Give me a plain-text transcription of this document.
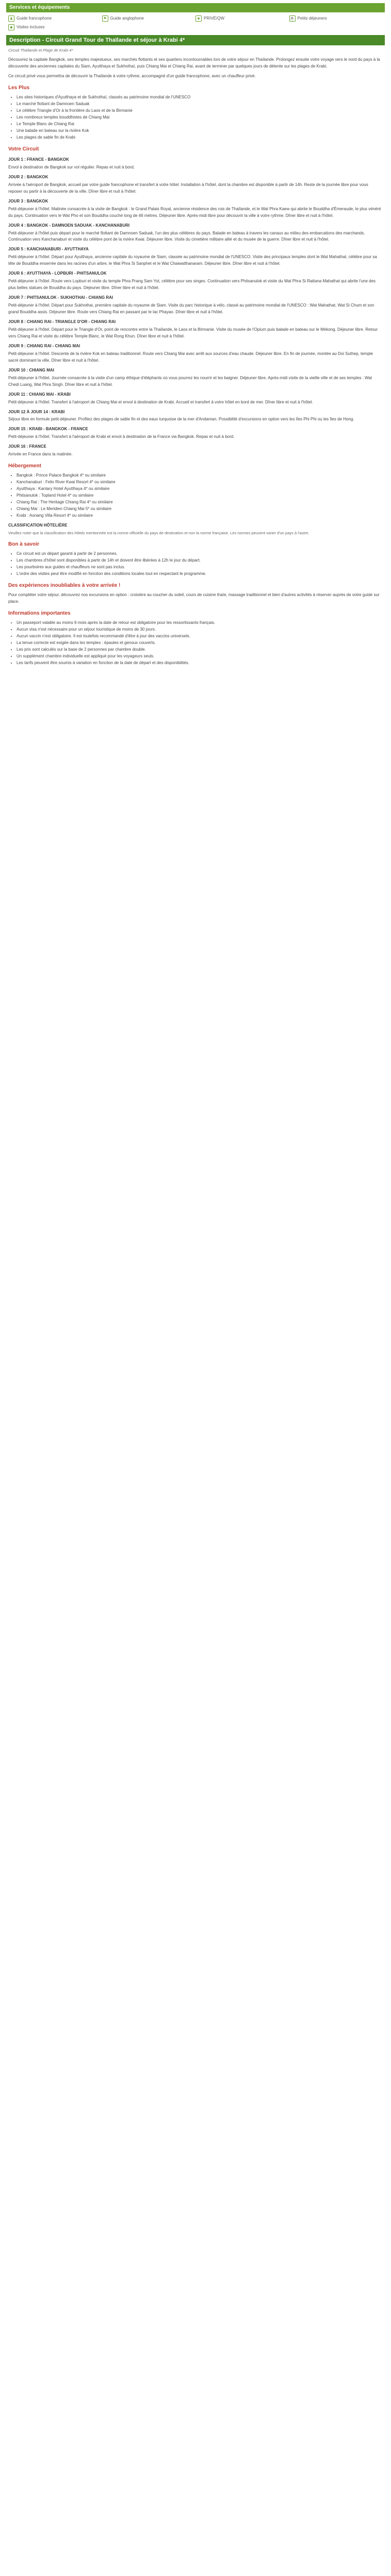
Services et équipements
♟ Guide francophone	⚑ Guide anglophone	■ PRIVÉ/QW	☕ Petits déjeuners
◆ Visites incluses
Description - Circuit Grand Tour de Thaïlande et séjour à Krabi 4*

Circuit Thaïlande et Plage de Krabi 4*

Découvrez la capitale Bangkok, ses temples majestueux, ses marchés flottants et ses quartiers incontournables lors de votre séjour en Thaïlande. Prolongez ensuite votre voyage vers le nord du pays à la découverte des anciennes capitales du Siam, Ayutthaya et Sukhothaï, puis Chiang Mai et Chiang Rai, avant de terminer par quelques jours de détente sur les plages de Krabi.

Ce circuit privé vous permettra de découvrir la Thaïlande à votre rythme, accompagné d'un guide francophone, avec un chauffeur privé.

Les Plus
• Les sites historiques d'Ayutthaya et de Sukhothaï, classés au patrimoine mondial de l'UNESCO
• Le marché flottant de Damnoen Saduak
• Le célèbre Triangle d'Or à la frontière du Laos et de la Birmanie
• Les nombreux temples bouddhistes de Chiang Mai
• Le Temple Blanc de Chiang Rai
• Une balade en bateau sur la rivière Kok
• Les plages de sable fin de Krabi
Votre Circuit
JOUR 1 : FRANCE - BANGKOK

Envol à destination de Bangkok sur vol régulier. Repas et nuit à bord.

JOUR 2 : BANGKOK

Arrivée à l'aéroport de Bangkok, accueil par votre guide francophone et transfert à votre hôtel. Installation à l'hôtel, dont la chambre est disponible à partir de 14h. Reste de la journée libre pour vous reposer ou partir à la découverte de la ville. Dîner libre et nuit à l'hôtel.

JOUR 3 : BANGKOK

Petit-déjeuner à l'hôtel. Matinée consacrée à la visite de Bangkok : le Grand Palais Royal, ancienne résidence des rois de Thaïlande, et le Wat Phra Kaew qui abrite le Bouddha d'Émeraude, le plus vénéré du pays. Continuation vers le Wat Pho et son Bouddha couché long de 46 mètres. Déjeuner libre. Après-midi libre pour découvrir la ville à votre rythme. Dîner libre et nuit à l'hôtel.

JOUR 4 : BANGKOK - DAMNOEN SADUAK - KANCHANABURI

Petit-déjeuner à l'hôtel puis départ pour le marché flottant de Damnoen Saduak, l'un des plus célèbres du pays. Balade en bateau à travers les canaux au milieu des embarcations des marchands. Continuation vers Kanchanaburi et visite du célèbre pont de la rivière Kwai. Déjeuner libre. Visite du cimetière militaire allié et du musée de la guerre. Dîner libre et nuit à l'hôtel.

JOUR 5 : KANCHANABURI - AYUTTHAYA

Petit-déjeuner à l'hôtel. Départ pour Ayutthaya, ancienne capitale du royaume de Siam, classée au patrimoine mondial de l'UNESCO. Visite des principaux temples dont le Wat Mahathat, célèbre pour sa tête de Bouddha enserrée dans les racines d'un arbre, le Wat Phra Si Sanphet et le Wat Chaiwatthanaram. Déjeuner libre. Dîner libre et nuit à l'hôtel.

JOUR 6 : AYUTTHAYA - LOPBURI - PHITSANULOK

Petit-déjeuner à l'hôtel. Route vers Lopburi et visite du temple Phra Prang Sam Yot, célèbre pour ses singes. Continuation vers Phitsanulok et visite du Wat Phra Si Rattana Mahathat qui abrite l'une des plus belles statues de Bouddha du pays. Déjeuner libre. Dîner libre et nuit à l'hôtel.

JOUR 7 : PHITSANULOK - SUKHOTHAI - CHIANG RAI

Petit-déjeuner à l'hôtel. Départ pour Sukhothai, première capitale du royaume de Siam. Visite du parc historique à vélo, classé au patrimoine mondial de l'UNESCO : Wat Mahathat, Wat Si Chum et son grand Bouddha assis. Déjeuner libre. Route vers Chiang Rai en passant par le lac Phayao. Dîner libre et nuit à l'hôtel.

JOUR 8 : CHIANG RAI - TRIANGLE D'OR - CHIANG RAI

Petit-déjeuner à l'hôtel. Départ pour le Triangle d'Or, point de rencontre entre la Thaïlande, le Laos et la Birmanie. Visite du musée de l'Opium puis balade en bateau sur le Mékong. Déjeuner libre. Retour vers Chiang Rai et visite du célèbre Temple Blanc, le Wat Rong Khun. Dîner libre et nuit à l'hôtel.

JOUR 9 : CHIANG RAI - CHIANG MAI

Petit-déjeuner à l'hôtel. Descente de la rivière Kok en bateau traditionnel. Route vers Chiang Mai avec arrêt aux sources d'eau chaude. Déjeuner libre. En fin de journée, montée au Doi Suthep, temple sacré dominant la ville. Dîner libre et nuit à l'hôtel.

JOUR 10 : CHIANG MAI

Petit-déjeuner à l'hôtel. Journée consacrée à la visite d'un camp éthique d'éléphants où vous pourrez les nourrir et les baigner. Déjeuner libre. Après-midi visite de la vieille ville et de ses temples : Wat Chedi Luang, Wat Phra Singh. Dîner libre et nuit à l'hôtel.

JOUR 11 : CHIANG MAI - KRABI

Petit-déjeuner à l'hôtel. Transfert à l'aéroport de Chiang Mai et envol à destination de Krabi. Accueil et transfert à votre hôtel en bord de mer. Dîner libre et nuit à l'hôtel.

JOUR 12 À JOUR 14 : KRABI

Séjour libre en formule petit-déjeuner. Profitez des plages de sable fin et des eaux turquoise de la mer d'Andaman. Possibilité d'excursions en option vers les îles Phi Phi ou les îles de Hong.

JOUR 15 : KRABI - BANGKOK - FRANCE

Petit-déjeuner à l'hôtel. Transfert à l'aéroport de Krabi et envol à destination de la France via Bangkok. Repas et nuit à bord.

JOUR 16 : FRANCE

Arrivée en France dans la matinée.

Hébergement
• Bangkok : Prince Palace Bangkok 4* ou similaire
• Kanchanaburi : Felix River Kwai Resort 4* ou similaire
• Ayutthaya : Kantary Hotel Ayutthaya 4* ou similaire
• Phitsanulok : Topland Hotel 4* ou similaire
• Chiang Rai : The Heritage Chiang Rai 4* ou similaire
• Chiang Mai : Le Meridien Chiang Mai 5* ou similaire
• Krabi : Aonang Villa Resort 4* ou similaire
CLASSIFICATION HÔTELIÈRE

Veuillez noter que la classification des hôtels mentionnée est la norme officielle du pays de destination et non la norme française. Les normes peuvent varier d'un pays à l'autre.

Bon à savoir
• Ce circuit est un départ garanti à partir de 2 personnes.
• Les chambres d'hôtel sont disponibles à partir de 14h et doivent être libérées à 12h le jour du départ.
• Les pourboires aux guides et chauffeurs ne sont pas inclus.
• L'ordre des visites peut être modifié en fonction des conditions locales tout en respectant le programme.
Des expériences inoubliables à votre arrivée !

Pour compléter votre séjour, découvrez nos excursions en option : croisière au coucher du soleil, cours de cuisine thaïe, massage traditionnel et bien d'autres activités à réserver auprès de votre guide sur place.

Informations importantes
• Un passeport valable au moins 6 mois après la date de retour est obligatoire pour les ressortissants français.
• Aucun visa n'est nécessaire pour un séjour touristique de moins de 30 jours.
• Aucun vaccin n'est obligatoire. Il est toutefois recommandé d'être à jour des vaccins universels.
• La tenue correcte est exigée dans les temples : épaules et genoux couverts.
• Les prix sont calculés sur la base de 2 personnes par chambre double.
• Un supplément chambre individuelle est appliqué pour les voyageurs seuls.
• Les tarifs peuvent être soumis à variation en fonction de la date de départ et des disponibilités.
